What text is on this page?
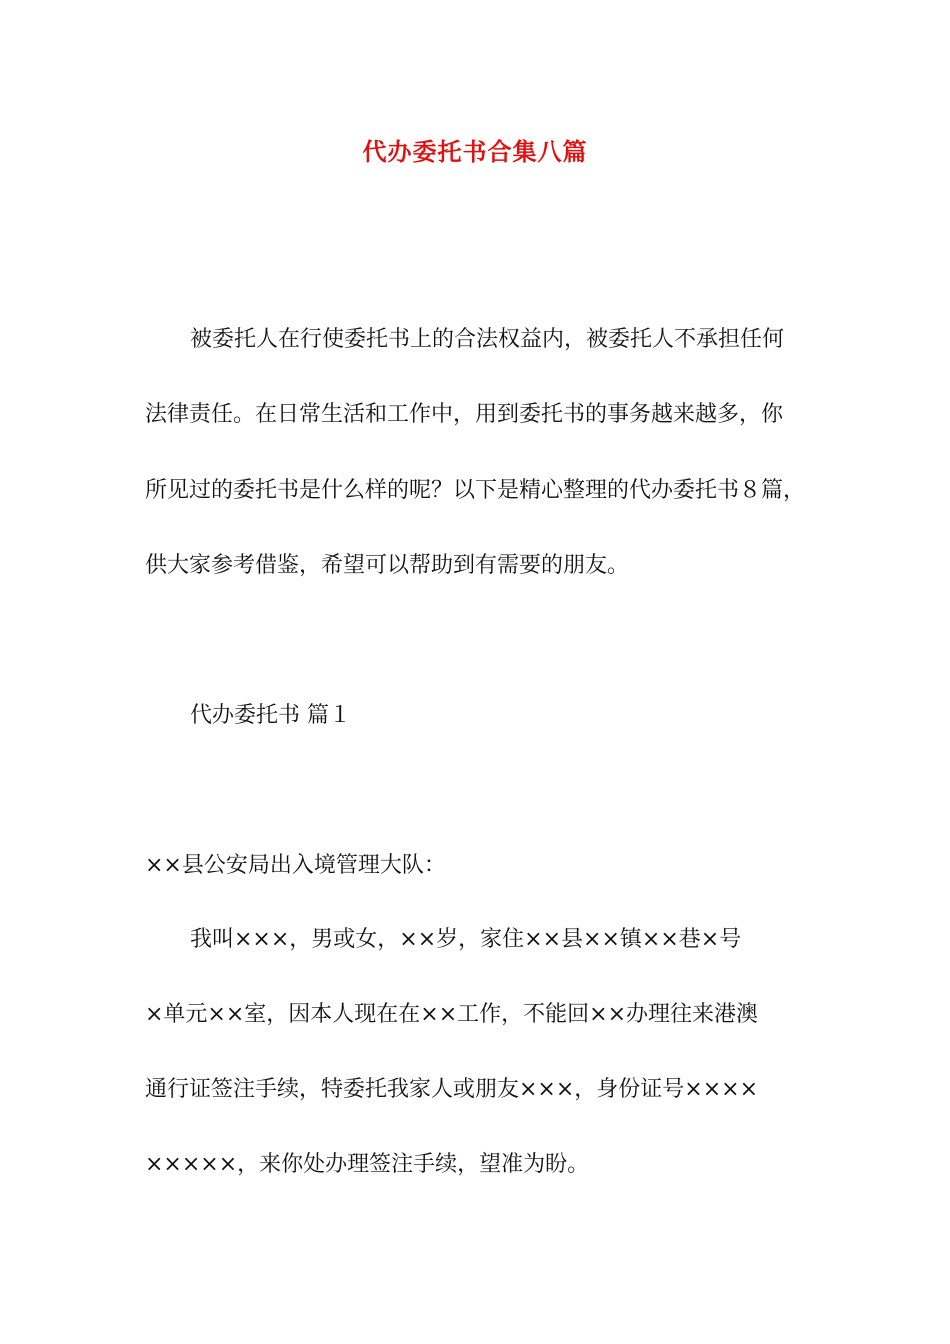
代办委托书合集八篇
被委托人在行使委托书上的合法权益内，被委托人不承担任何
法律责任。在日常生活和工作中，用到委托书的事务越来越多，你
所见过的委托书是什么样的呢？以下是精心整理的代办委托书８篇，
供大家参考借鉴，希望可以帮助到有需要的朋友。
代办委托书 篇１
××县公安局出入境管理大队：
我叫×××，男或女，××岁，家住××县××镇××巷×号
×单元××室，因本人现在在××工作，不能回××办理往来港澳
通行证签注手续，特委托我家人或朋友×××，身份证号××××
×××××，来你处办理签注手续，望准为盼。
